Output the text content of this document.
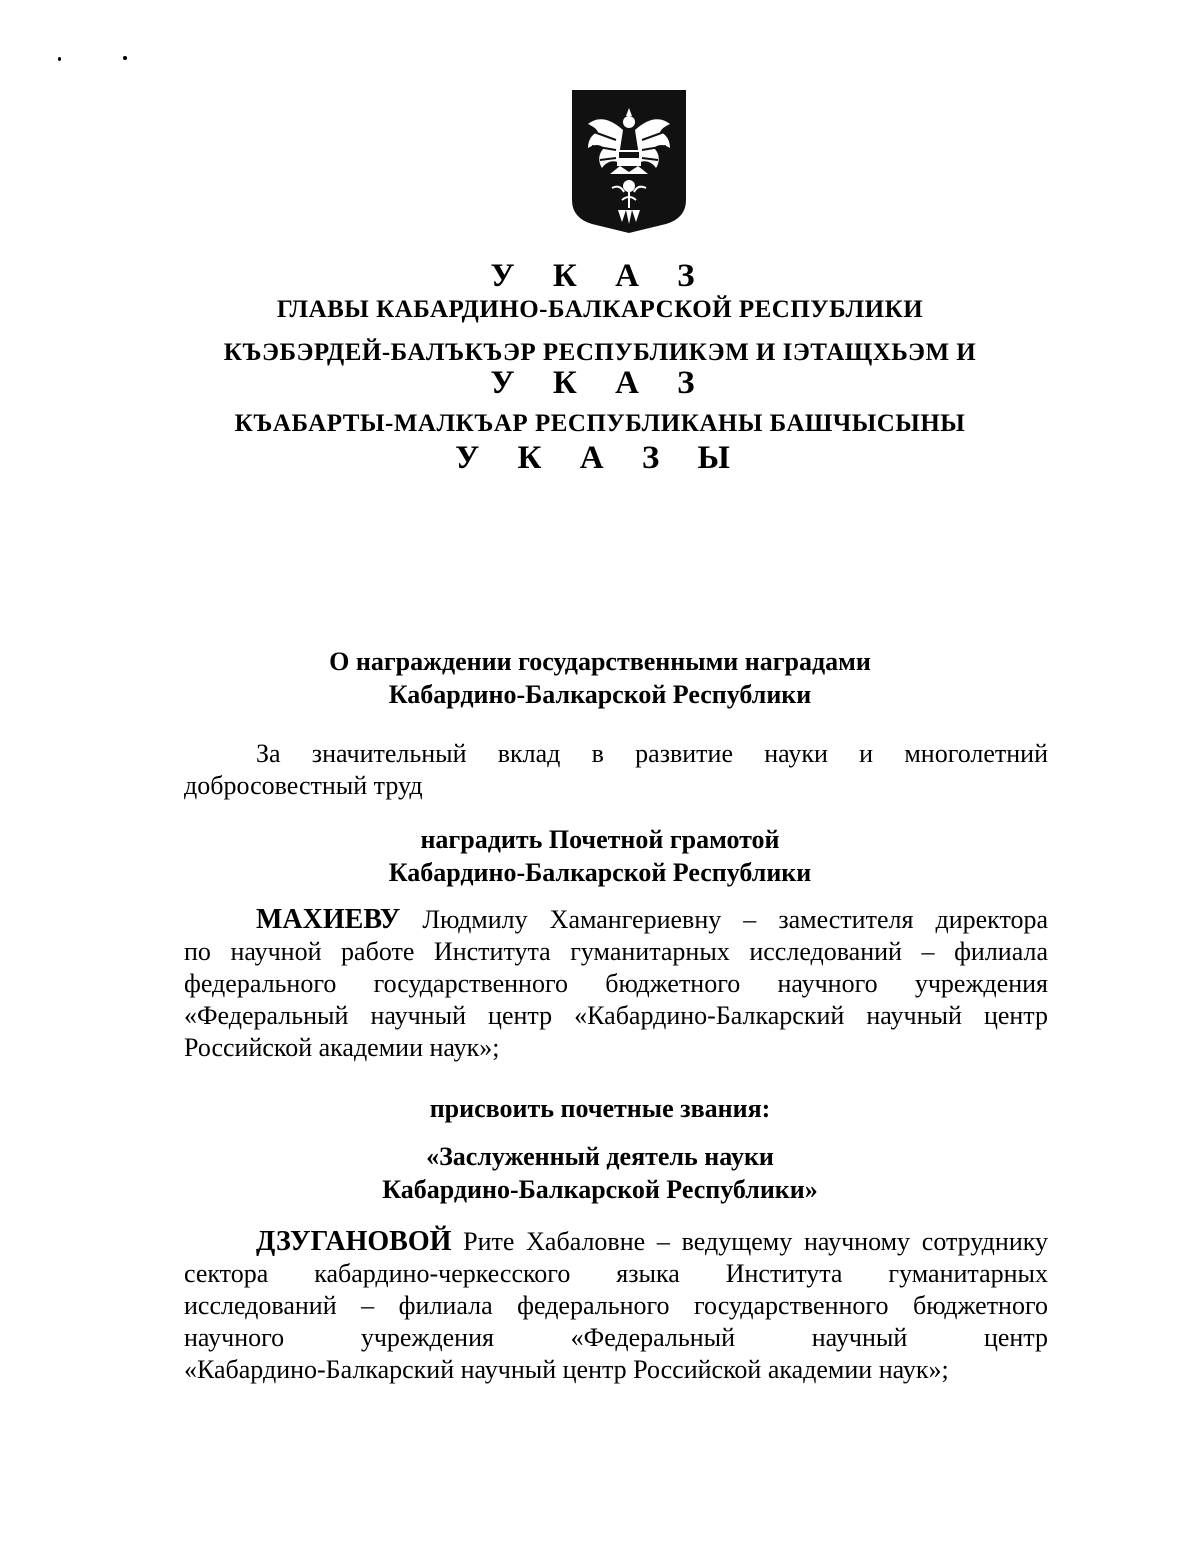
У К А З
ГЛАВЫ КАБАРДИНО-БАЛКАРСКОЙ РЕСПУБЛИКИ
КЪЭБЭРДЕЙ-БАЛЪКЪЭР РЕСПУБЛИКЭМ И IЭТАЩХЬЭМ И
У К А З
КЪАБАРТЫ-МАЛКЪАР РЕСПУБЛИКАНЫ БАШЧЫСЫНЫ
У К А З Ы
О награждении государственными наградами
Кабардино-Балкарской Республики
За значительный вклад в развитие науки и многолетний
добросовестный труд
наградить Почетной грамотой
Кабардино-Балкарской Республики
МАХИЕВУ Людмилу Хамангериевну – заместителя директора
по научной работе Института гуманитарных исследований – филиала
федерального государственного бюджетного научного учреждения
«Федеральный научный центр «Кабардино-Балкарский научный центр
Российской академии наук»;
присвоить почетные звания:
«Заслуженный деятель науки
Кабардино-Балкарской Республики»
ДЗУГАНОВОЙ Рите Хабаловне – ведущему научному сотруднику
сектора кабардино-черкесского языка Института гуманитарных
исследований – филиала федерального государственного бюджетного
научного учреждения «Федеральный научный центр
«Кабардино-Балкарский научный центр Российской академии наук»;
